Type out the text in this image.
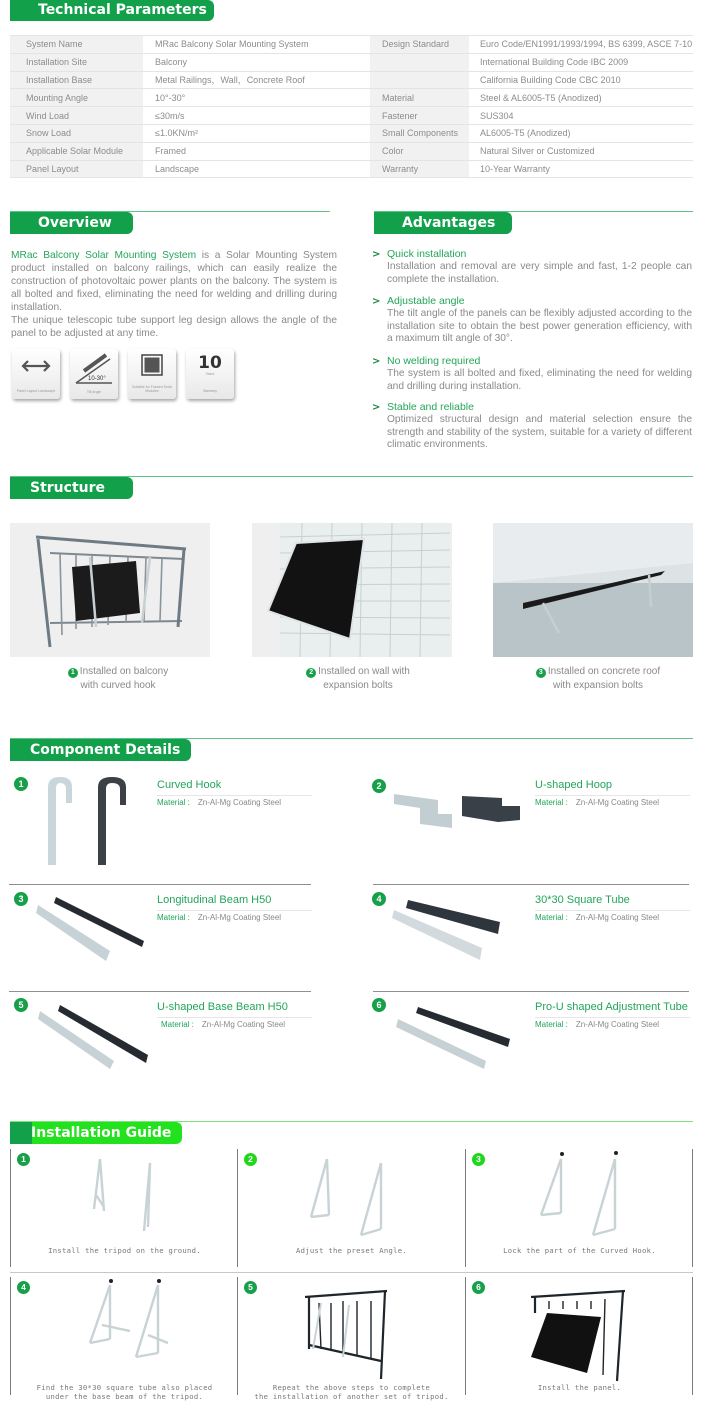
Technical Parameters
System Name	MRac Balcony Solar Mounting System	Design Standard	Euro Code/EN1991/1993/1994, BS 6399, ASCE 7-10
Installation Site	Balcony		International Building Code IBC 2009
Installation Base	Metal Railings，Wall，Concrete Roof		California Building Code CBC 2010
Mounting Angle	10°-30°	Material	Steel & AL6005-T5 (Anodized)
Wind Load	≤30m/s	Fastener	SUS304
Snow Load	≤1.0KN/m²	Small Components	AL6005-T5 (Anodized)
Applicable Solar Module	Framed	Color	Natural Silver or Customized
Panel Layout	Landscape	Warranty	10-Year Warranty
Overview
MRac Balcony Solar Mounting System is a Solar Mounting System product installed on balcony railings, which can easily realize the construction of photovoltaic power plants on the balcony. The system is all bolted and fixed, eliminating the need for welding and drilling during installation.
The unique telescopic tube support leg design allows the angle of the panel to be adjusted at any time.
Panel Layout Landscape
10-30°
Tilt Angle
Suitable for Framed Solar Modules
10
Years
Warranty
Advantages
> Quick installation
Installation and removal are very simple and fast, 1-2 people can complete the installation.
> Adjustable angle
The tilt angle of the panels can be flexibly adjusted according to the installation site to obtain the best power generation efficiency, with a maximum tilt angle of 30°.
> No welding required
The system is all bolted and fixed, eliminating the need for welding and drilling during installation.
> Stable and reliable
Optimized structural design and material selection ensure the strength and stability of the system, suitable for a variety of different climatic environments.
Structure
1 Installed on balcony
with curved hook
2 Installed on wall with
expansion bolts
3 Installed on concrete roof
with expansion bolts
Component Details
1	Curved Hook
Material : Zn-Al-Mg Coating Steel
2	U-shaped Hoop
Material : Zn-Al-Mg Coating Steel
3	Longitudinal Beam H50
Material : Zn-Al-Mg Coating Steel
4	30*30 Square Tube
Material : Zn-Al-Mg Coating Steel
5	U-shaped Base Beam H50
Material : Zn-Al-Mg Coating Steel
6	Pro-U shaped Adjustment Tube
Material : Zn-Al-Mg Coating Steel
Installation Guide
1
Install the tripod on the ground.
2
Adjust the preset Angle.
3
Lock the part of the Curved Hook.
4
Find the 30*30 square tube also placed
under the base beam of the tripod.
5
Repeat the above steps to complete
the installation of another set of tripod.
6
Install the panel.
